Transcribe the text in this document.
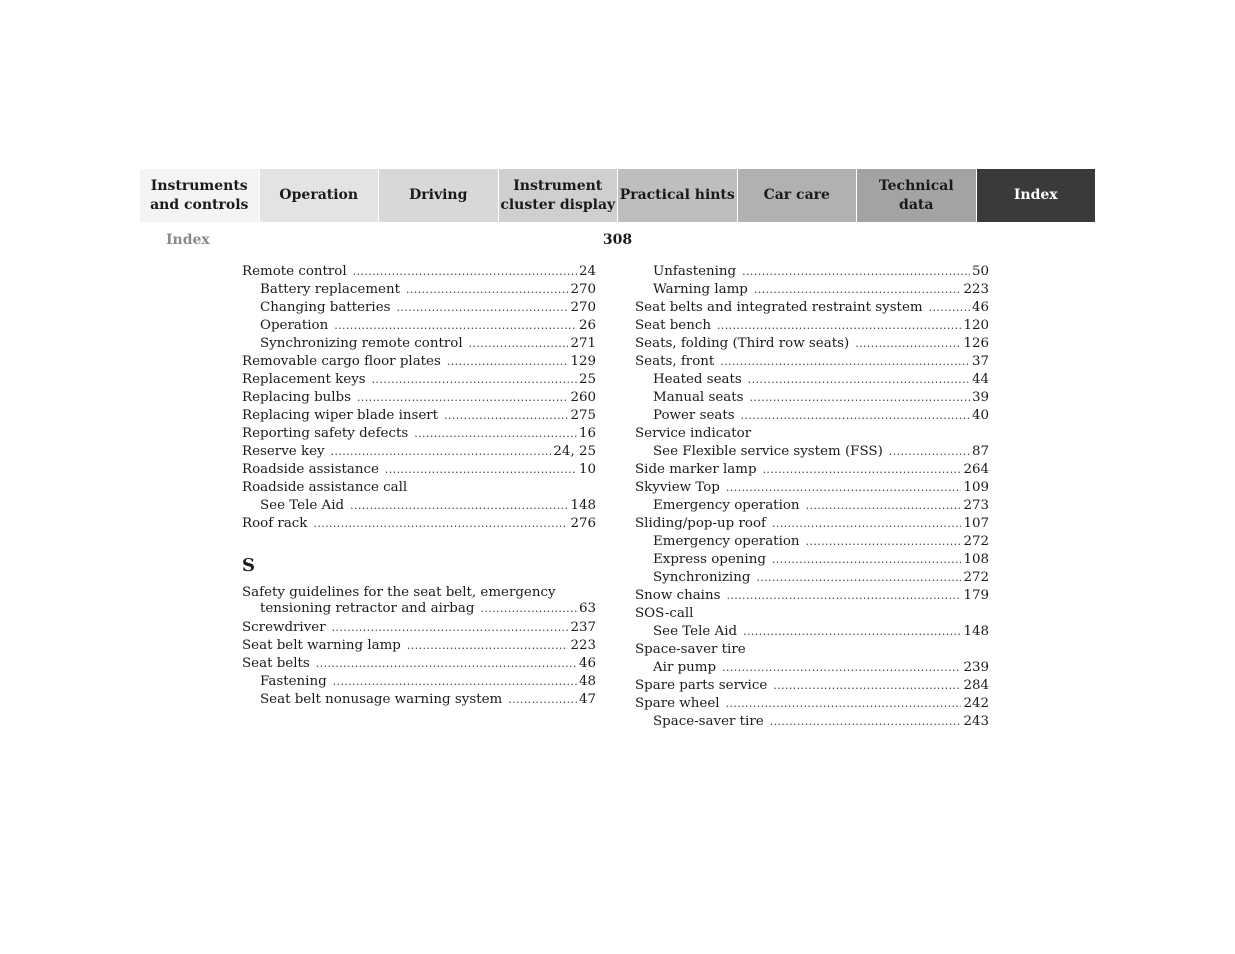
Instruments
and controls
Operation	Driving
Instrument
cluster display
Practical hints	Car care
Technical
data
Index
Index	308
Remote control .....	24
Battery replacement .....	270
Changing batteries .....	270
Operation .....	26
Synchronizing remote control .....	271
Removable cargo floor plates .....	129
Replacement keys .....	25
Replacing bulbs .....	260
Replacing wiper blade insert .....	275
Reporting safety defects .....	16
Reserve key .....	24, 25
Roadside assistance .....	10
Roadside assistance call
See Tele Aid .....	148
Roof rack .....	276
S
Safety guidelines for the seat belt, emergency
tensioning retractor and airbag .....	63
Screwdriver .....	237
Seat belt warning lamp .....	223
Seat belts .....	46
Fastening .....	48
Seat belt nonusage warning system .....	47
Unfastening .....	50
Warning lamp .....	223
Seat belts and integrated restraint system .....	46
Seat bench .....	120
Seats, folding (Third row seats) .....	126
Seats, front .....	37
Heated seats .....	44
Manual seats .....	39
Power seats .....	40
Service indicator
See Flexible service system (FSS) .....	87
Side marker lamp .....	264
Skyview Top .....	109
Emergency operation .....	273
Sliding/pop-up roof .....	107
Emergency operation .....	272
Express opening .....	108
Synchronizing .....	272
Snow chains .....	179
SOS-call
See Tele Aid .....	148
Space-saver tire
Air pump .....	239
Spare parts service .....	284
Spare wheel .....	242
Space-saver tire .....	243
